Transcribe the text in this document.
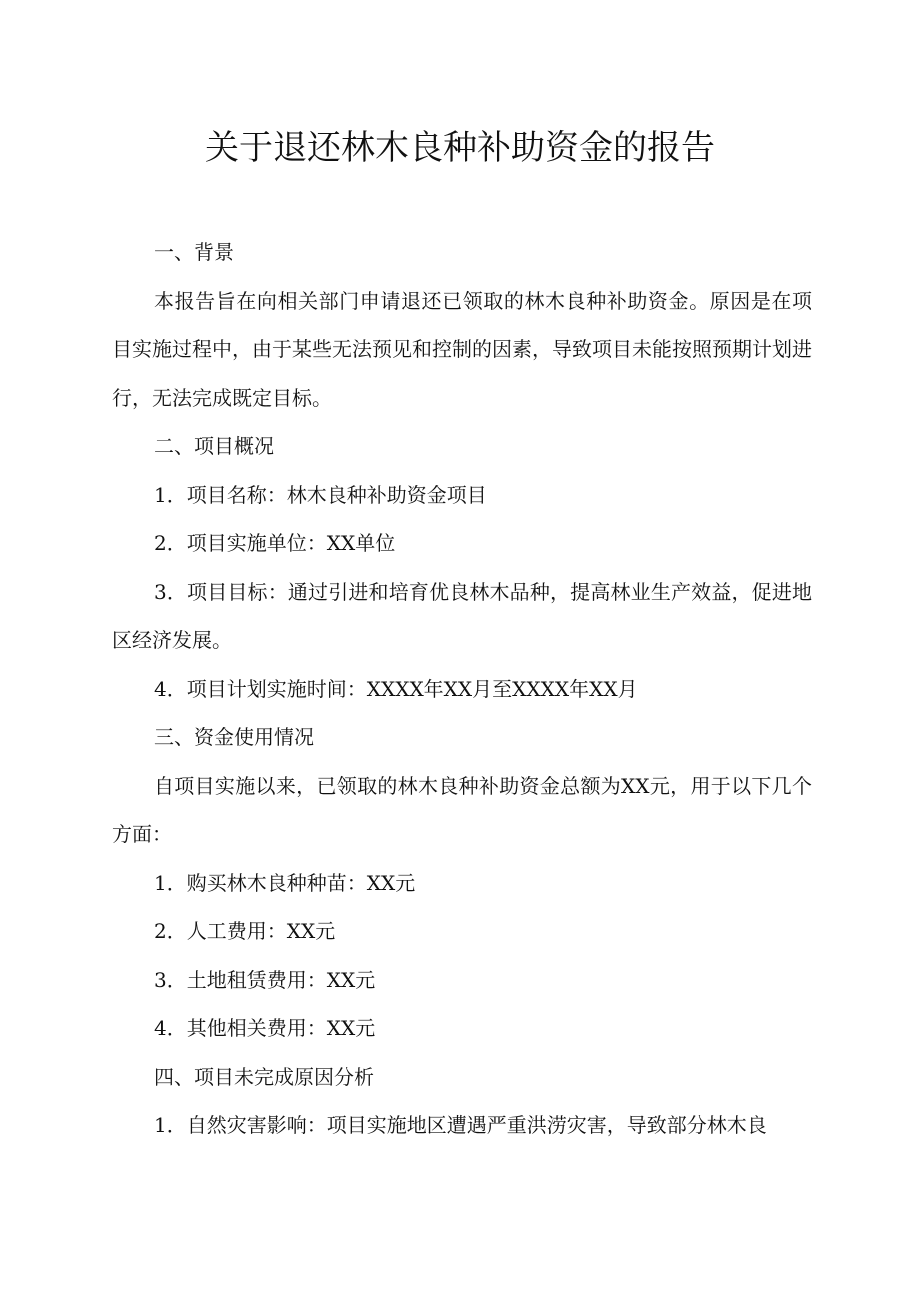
关于退还林木良种补助资金的报告

一、背景

本报告旨在向相关部门申请退还已领取的林木良种补助资金。原因是在项目实施过程中，由于某些无法预见和控制的因素，导致项目未能按照预期计划进行，无法完成既定目标。

二、项目概况

1．项目名称：林木良种补助资金项目

2．项目实施单位：XX单位

3．项目目标：通过引进和培育优良林木品种，提高林业生产效益，促进地区经济发展。

4．项目计划实施时间：XXXX年XX月至XXXX年XX月

三、资金使用情况

自项目实施以来，已领取的林木良种补助资金总额为XX元，用于以下几个方面：

1．购买林木良种种苗：XX元

2．人工费用：XX元

3．土地租赁费用：XX元

4．其他相关费用：XX元

四、项目未完成原因分析

1．自然灾害影响：项目实施地区遭遇严重洪涝灾害，导致部分林木良
